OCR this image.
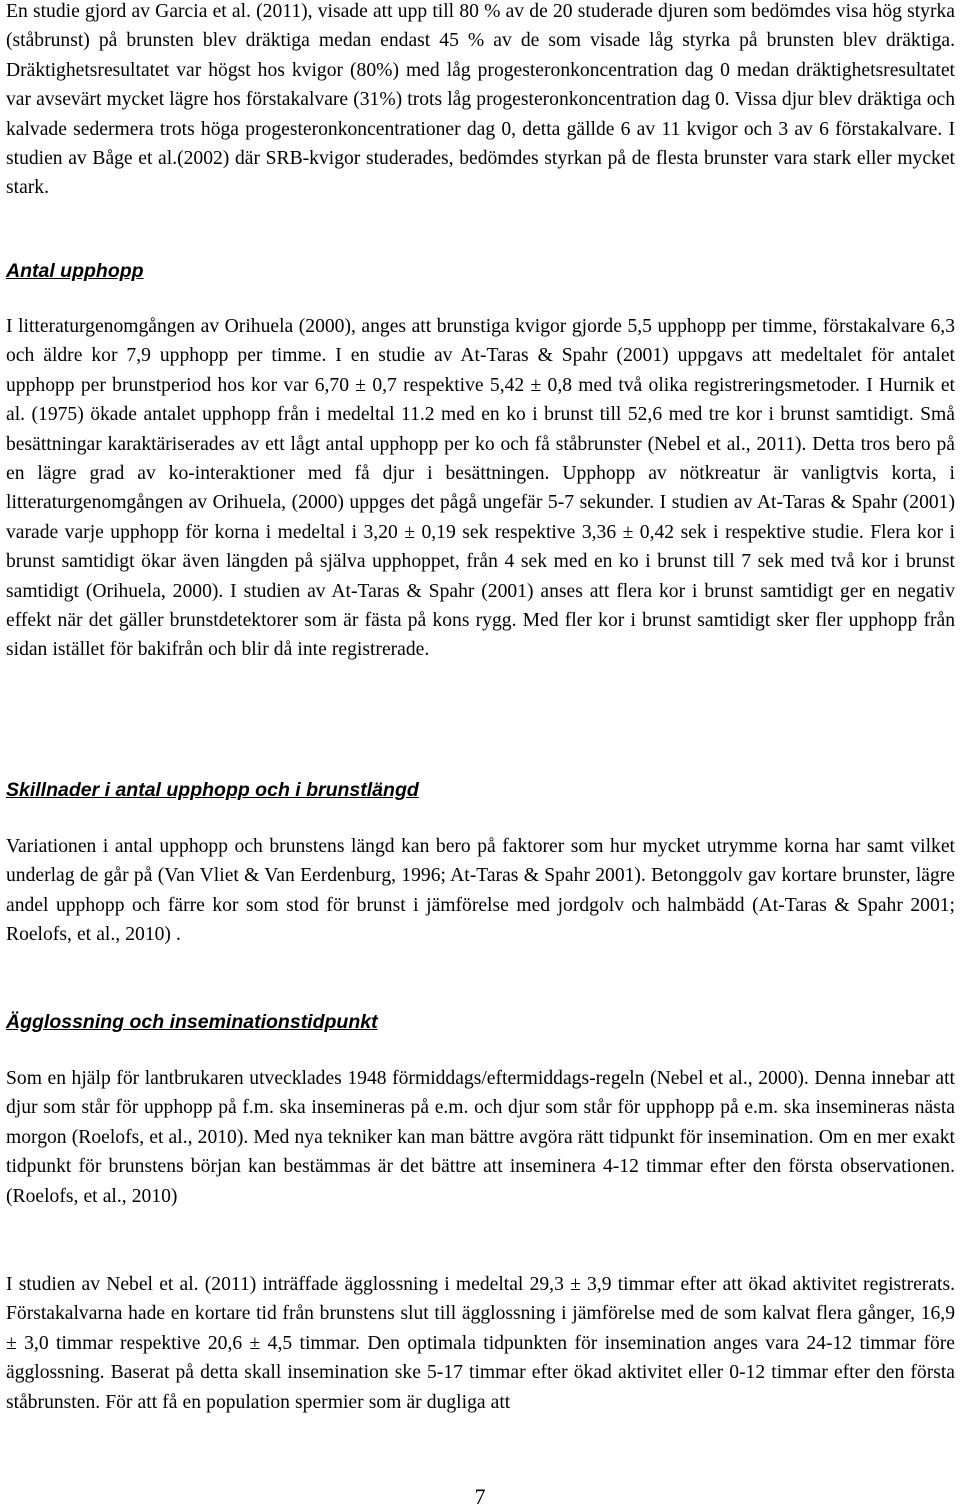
En studie gjord av Garcia et al. (2011), visade att upp till 80 % av de 20 studerade djuren som bedömdes visa hög styrka (ståbrunst) på brunsten blev dräktiga medan endast 45 % av de som visade låg styrka på brunsten blev dräktiga. Dräktighetsresultatet var högst hos kvigor (80%) med låg progesteronkoncentration dag 0 medan dräktighetsresultatet var avsevärt mycket lägre hos förstakalvare (31%) trots låg progesteronkoncentration dag 0. Vissa djur blev dräktiga och kalvade sedermera trots höga progesteronkoncentrationer dag 0, detta gällde 6 av 11 kvigor och 3 av 6 förstakalvare. I studien av Båge et al.(2002) där SRB-kvigor studerades, bedömdes styrkan på de flesta brunster vara stark eller mycket stark.

Antal upphopp

I litteraturgenomgången av Orihuela (2000), anges att brunstiga kvigor gjorde 5,5 upphopp per timme, förstakalvare 6,3 och äldre kor 7,9 upphopp per timme. I en studie av At-Taras & Spahr (2001) uppgavs att medeltalet för antalet upphopp per brunstperiod hos kor var 6,70 ± 0,7 respektive 5,42 ± 0,8 med två olika registreringsmetoder. I Hurnik et al. (1975) ökade antalet upphopp från i medeltal 11.2 med en ko i brunst till 52,6 med tre kor i brunst samtidigt. Små besättningar karaktäriserades av ett lågt antal upphopp per ko och få ståbrunster (Nebel et al., 2011). Detta tros bero på en lägre grad av ko-interaktioner med få djur i besättningen. Upphopp av nötkreatur är vanligtvis korta, i litteraturgenomgången av Orihuela, (2000) uppges det pågå ungefär 5-7 sekunder. I studien av At-Taras & Spahr (2001) varade varje upphopp för korna i medeltal i 3,20 ± 0,19 sek respektive 3,36 ± 0,42 sek i respektive studie. Flera kor i brunst samtidigt ökar även längden på själva upphoppet, från 4 sek med en ko i brunst till 7 sek med två kor i brunst samtidigt (Orihuela, 2000). I studien av At-Taras & Spahr (2001) anses att flera kor i brunst samtidigt ger en negativ effekt när det gäller brunstdetektorer som är fästa på kons rygg. Med fler kor i brunst samtidigt sker fler upphopp från sidan istället för bakifrån och blir då inte registrerade.

Skillnader i antal upphopp och i brunstlängd

Variationen i antal upphopp och brunstens längd kan bero på faktorer som hur mycket utrymme korna har samt vilket underlag de går på (Van Vliet & Van Eerdenburg, 1996; At-Taras & Spahr 2001). Betonggolv gav kortare brunster, lägre andel upphopp och färre kor som stod för brunst i jämförelse med jordgolv och halmbädd (At-Taras & Spahr 2001; Roelofs, et al., 2010) .

Ägglossning och inseminationstidpunkt

Som en hjälp för lantbrukaren utvecklades 1948 förmiddags/eftermiddags-regeln (Nebel et al., 2000). Denna innebar att djur som står för upphopp på f.m. ska insemineras på e.m. och djur som står för upphopp på e.m. ska insemineras nästa morgon (Roelofs, et al., 2010). Med nya tekniker kan man bättre avgöra rätt tidpunkt för insemination. Om en mer exakt tidpunkt för brunstens början kan bestämmas är det bättre att inseminera 4-12 timmar efter den första observationen. (Roelofs, et al., 2010)

I studien av Nebel et al. (2011) inträffade ägglossning i medeltal 29,3 ± 3,9 timmar efter att ökad aktivitet registrerats. Förstakalvarna hade en kortare tid från brunstens slut till ägglossning i jämförelse med de som kalvat flera gånger, 16,9 ± 3,0 timmar respektive 20,6 ± 4,5 timmar. Den optimala tidpunkten för insemination anges vara 24-12 timmar före ägglossning. Baserat på detta skall insemination ske 5-17 timmar efter ökad aktivitet eller 0-12 timmar efter den första ståbrunsten. För att få en population spermier som är dugliga att

7
